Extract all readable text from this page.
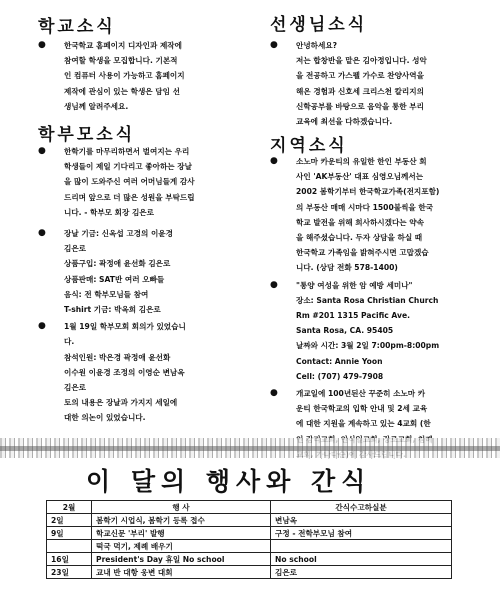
학교소식
● 한국학교 홈페이지 디자인과 제작에

참여할 학생을 모집합니다. 기본적

인 컴퓨터 사용이 가능하고 홈페이지

제작에 관심이 있는 학생은 담임 선

생님께 알려주세요.

학부모소식
● 한학기를 마무리하면서 벌여지는 우리

학생들이 제일 기다리고 좋아하는 장날

을 많이 도와주신 여러 어머님들게 감사

드리며 앞으로 더 많은 성원을 부탁드립

니다. - 학부모 회장 김은로

● 장날 기금: 신옥섭 고경의 이윤경

김은로

상품구입: 곽정애 윤선화 김은로

상품판매: SAT반 여러 오빠들

음식: 전 학부모님들 참여

T-shirt 기금: 박옥희 김은로

● 1월 19일 학부모회 회의가 있었습니

다.

참석인원: 박은경 곽정애 윤선화

이수원 이윤경 조정의 이영순 변남옥

김은로

토의 내용은 장날과 가지지 세일에

대한 의논이 있었습니다.

선생님소식
● 안녕하세요?

저는 합창반을 맡은 김아정입니다. 성악

을 전공하고 가스펠 가수로 찬양사역을

해온 경험과 신호세 크리스천 칼리지의

신학공부를 바탕으로 음악을 통한 부리

교육에 최선을 다하겠습니다.

지역소식
● 소노마 카운티의 유일한 한인 부동산 회

사인 'AK부동산' 대표 심영오님께서는

2002 봄학기부터 한국학교가족(전지포함)

의 부동산 매매 시마다 1500불씩을 한국

학교 발전을 위해 희사하시겠다는 약속

을 해주셨습니다. 두자 상담을 하실 때

한국학교 가족임을 밝혀주시면 고맙겠습

니다. (상담 전화 578-1400)

● "통양 여성을 위한 암 예방 세미나"

장소: Santa Rosa Christian Church

Rm #201 1315 Pacific Ave.

Santa Rosa, CA. 95405

날짜와 시간: 3월 2일 7:00pm-8:00pm

Contact: Annie Yoon

Cell: (707) 479-7908

● 개교일에 100년된산 꾸준히 소노마 카

운티 한국학교의 입학 안내 및 2세 교육

에 대한 지원을 계속하고 있는 4교회 (한

이 달의 행사와 간식
2월	행 사	간식수고하실분
2일	봄학기 시업식, 봄학기 등록 접수	변남옥
9일	학교신문 '부리' 발행	구정 - 전학부모님 참여
	떡국 먹기, 제례 배우기	
16일	President's Day 휴일 No school	No school
23일	교내 반 대항 웅변 대회	김은로
